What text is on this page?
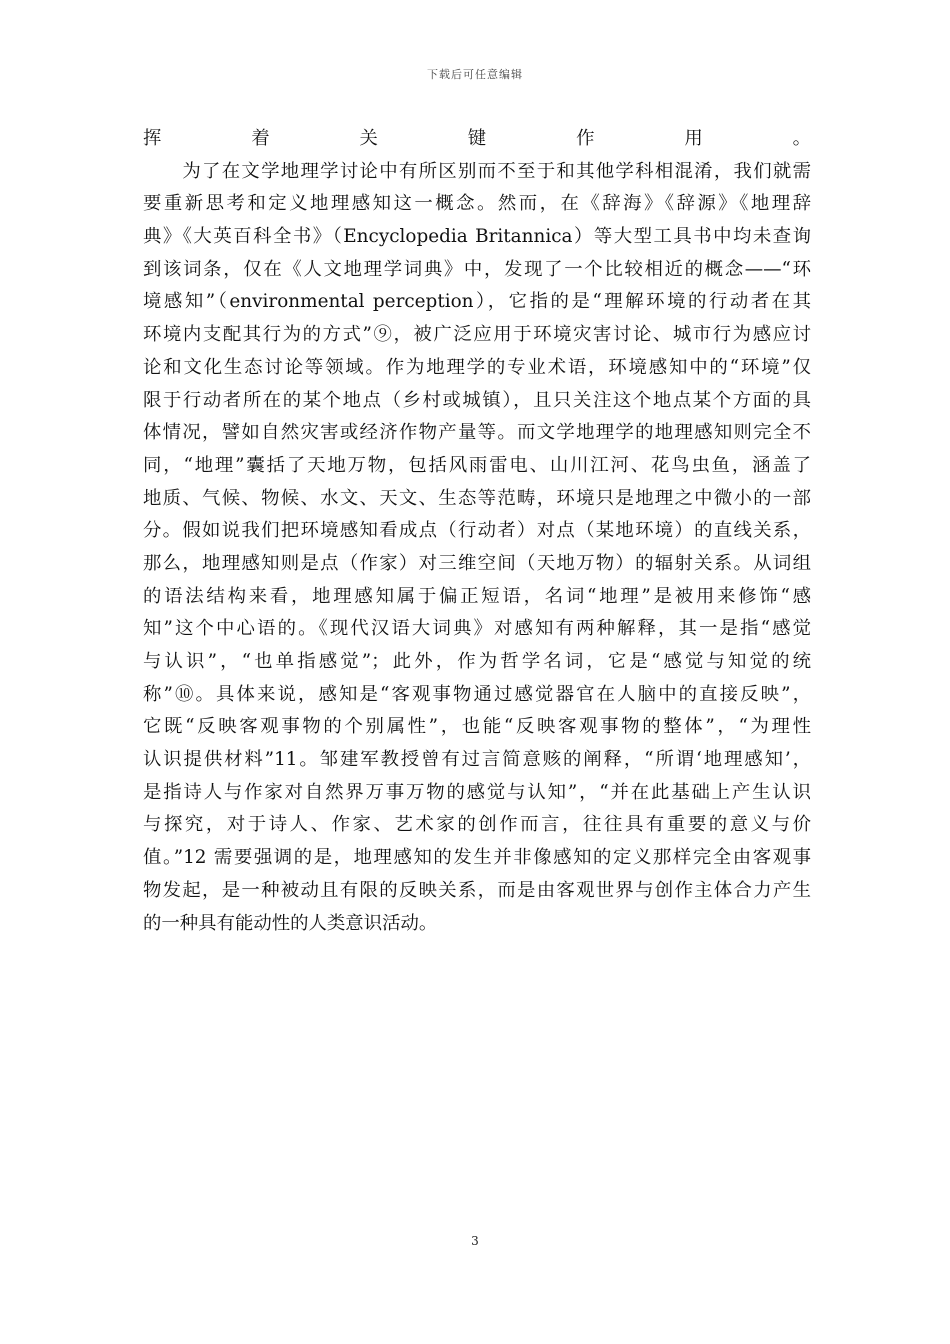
下载后可任意编辑
挥着关键作用。
　　为了在文学地理学讨论中有所区别而不至于和其他学科相混淆，我们就需
要重新思考和定义地理感知这一概念。然而，在《辞海》《辞源》《地理辞
典》《大英百科全书》（Encyclopedia Britannica）等大型工具书中均未查询
到该词条，仅在《人文地理学词典》中，发现了一个比较相近的概念——“环
境感知”（environmental perception），它指的是“理解环境的行动者在其
环境内支配其行为的方式”⑨，被广泛应用于环境灾害讨论、城市行为感应讨
论和文化生态讨论等领域。作为地理学的专业术语，环境感知中的“环境”仅
限于行动者所在的某个地点（乡村或城镇），且只关注这个地点某个方面的具
体情况，譬如自然灾害或经济作物产量等。而文学地理学的地理感知则完全不
同，“地理”囊括了天地万物，包括风雨雷电、山川江河、花鸟虫鱼，涵盖了
地质、气候、物候、水文、天文、生态等范畴，环境只是地理之中微小的一部
分。假如说我们把环境感知看成点（行动者）对点（某地环境）的直线关系，
那么，地理感知则是点（作家）对三维空间（天地万物）的辐射关系。从词组
的语法结构来看，地理感知属于偏正短语，名词“地理”是被用来修饰“感
知”这个中心语的。《现代汉语大词典》对感知有两种解释，其一是指“感觉
与认识”，“也单指感觉”；此外，作为哲学名词，它是“感觉与知觉的统
称”⑩。具体来说，感知是“客观事物通过感觉器官在人脑中的直接反映”，
它既“反映客观事物的个别属性”，也能“反映客观事物的整体”，“为理性
认识提供材料”11。邹建军教授曾有过言简意赅的阐释，“所谓‘地理感知’，
是指诗人与作家对自然界万事万物的感觉与认知”，“并在此基础上产生认识
与探究，对于诗人、作家、艺术家的创作而言，往往具有重要的意义与价
值。”12 需要强调的是，地理感知的发生并非像感知的定义那样完全由客观事
物发起，是一种被动且有限的反映关系，而是由客观世界与创作主体合力产生
的一种具有能动性的人类意识活动。
3
